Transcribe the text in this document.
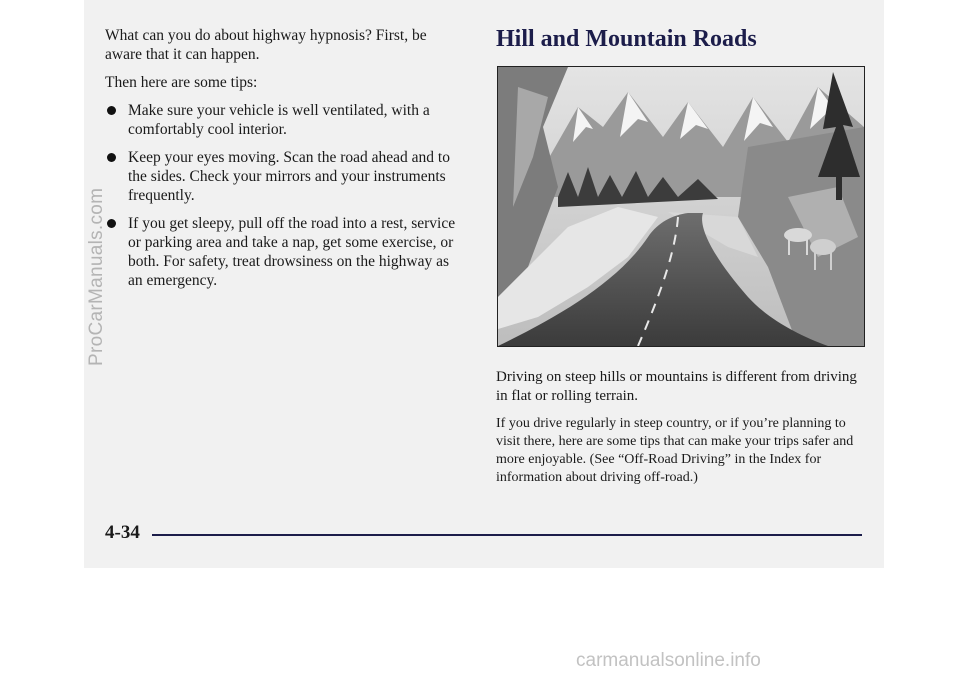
What can you do about highway hypnosis? First, be aware that it can happen.

Then here are some tips:

Make sure your vehicle is well ventilated, with a comfortably cool interior.
Keep your eyes moving. Scan the road ahead and to the sides. Check your mirrors and your instruments frequently.
If you get sleepy, pull off the road into a rest, service or parking area and take a nap, get some exercise, or both. For safety, treat drowsiness on the highway as an emergency.
Hill and Mountain Roads

Driving on steep hills or mountains is different from driving in flat or rolling terrain.

If you drive regularly in steep country, or if you’re planning to visit there, here are some tips that can make your trips safer and more enjoyable. (See “Off-Road Driving” in the Index for information about driving off-road.)

4-34

ProCarManuals.com
carmanualsonline.info
